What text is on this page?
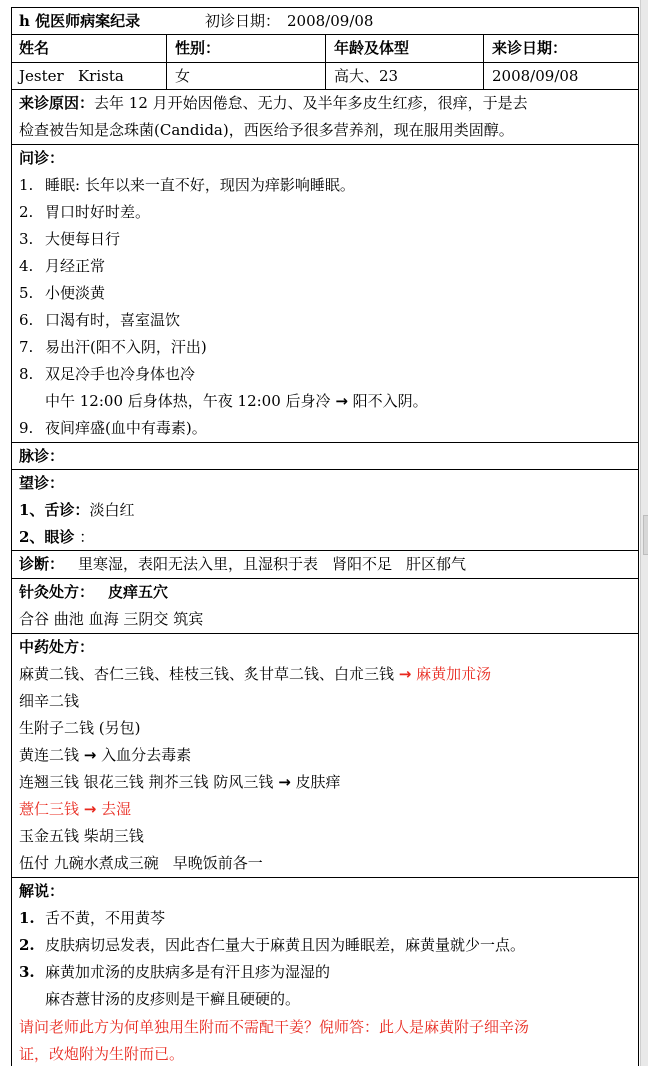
h 倪医师病案纪录	初诊日期： 2008/09/08
姓名	性别：	年龄及体型	来诊日期：
Jester   Krista	女	高大、23	2008/09/08
来诊原因：去年 12 月开始因倦怠、无力、及半年多皮生红疹，很痒，于是去
检查被告知是念珠菌(Candida)，西医给予很多营养剂，现在服用类固醇。
问诊：
1. 睡眠: 长年以来一直不好，现因为痒影响睡眠。
2. 胃口时好时差。
3. 大便每日行
4. 月经正常
5. 小便淡黄
6. 口渴有时，喜室温饮
7. 易出汗(阳不入阴，汗出)
8. 双足冷手也冷身体也冷
中午 12:00 后身体热，午夜 12:00 后身冷 → 阳不入阴。
9. 夜间痒盛(血中有毒素)。
脉诊：
望诊：
1、舌诊：淡白红
2、眼诊 ：
诊断： 里寒湿，表阳无法入里，且湿积于表 肾阳不足 肝区郁气
针灸处方： 皮痒五穴
合谷 曲池 血海 三阴交 筑宾
中药处方：
麻黄二钱、杏仁三钱、桂枝三钱、炙甘草二钱、白朮三钱 → 麻黄加朮汤
细辛二钱
生附子二钱 (另包)
黄连二钱 → 入血分去毒素
连翘三钱 银花三钱 荆芥三钱 防风三钱 → 皮肤痒
薏仁三钱 → 去湿
玉金五钱 柴胡三钱
伍付 九碗水煮成三碗 早晚饭前各一
解说：
1. 舌不黄，不用黄芩
2. 皮肤病切忌发表，因此杏仁量大于麻黄且因为睡眠差，麻黄量就少一点。
3. 麻黄加朮汤的皮肤病多是有汗且疹为湿湿的
麻杏薏甘汤的皮疹则是干癣且硬硬的。
请问老师此方为何单独用生附而不需配干姜？倪师答：此人是麻黄附子细辛汤
证，改炮附为生附而已。
